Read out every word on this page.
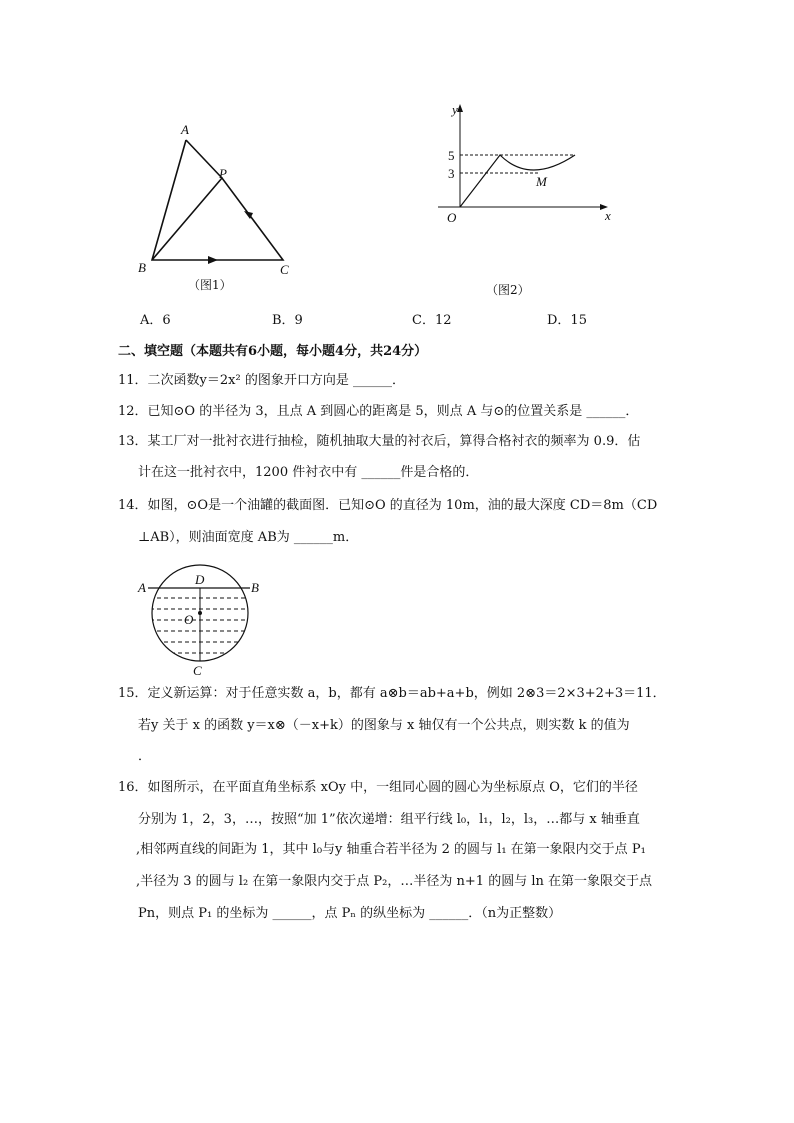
A
B	C
P
y
x
O
M
5
3
A	B
D
O
C
（图1）	（图2）
A．6	B．9	C．12	D．15
二、填空题（本题共有6小题，每小题4分，共24分）
11．二次函数y＝2x² 的图象开口方向是 ______．
12．已知⊙O 的半径为 3，且点 A 到圆心的距离是 5，则点 A 与⊙的位置关系是 ______．
13．某工厂对一批衬衣进行抽检，随机抽取大量的衬衣后，算得合格衬衣的频率为 0.9．估
计在这一批衬衣中，1200 件衬衣中有 ______件是合格的．
14．如图，⊙O是一个油罐的截面图．已知⊙O 的直径为 10m，油的最大深度 CD＝8m（CD
⊥AB），则油面宽度 AB为 ______m．
15．定义新运算：对于任意实数 a，b，都有 a⊗b＝ab+a+b，例如 2⊗3＝2×3+2+3＝11．
若y 关于 x 的函数 y＝x⊗（－x+k）的图象与 x 轴仅有一个公共点，则实数 k 的值为
．
16．如图所示，在平面直角坐标系 xOy 中，一组同心圆的圆心为坐标原点 O，它们的半径
分别为 1，2，3，…，按照“加 1”依次递增：组平行线 l₀，l₁，l₂，l₃，…都与 x 轴垂直
,相邻两直线的间距为 1，其中 l₀与y 轴重合若半径为 2 的圆与 l₁ 在第一象限内交于点 P₁
,半径为 3 的圆与 l₂ 在第一象限内交于点 P₂，…半径为 n+1 的圆与 ln 在第一象限交于点
Pn，则点 P₁ 的坐标为 ______，点 Pₙ 的纵坐标为 ______．（n为正整数）
